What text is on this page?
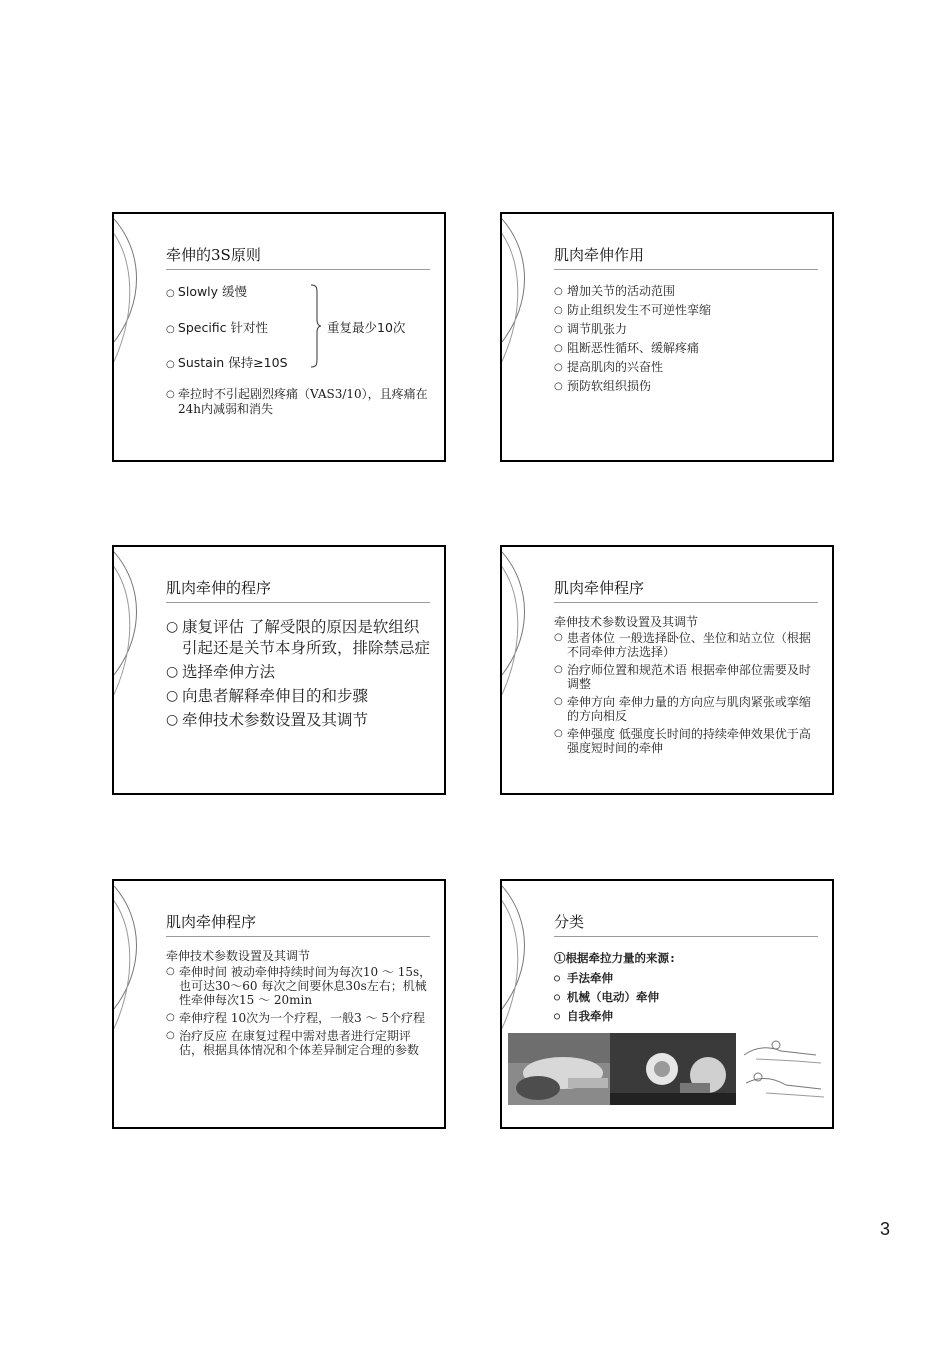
牵伸的3S原则
○ Slowly 缓慢
○ Specific 针对性
○ Sustain 保持≥10S
重复最少10次
○ 牵拉时不引起剧烈疼痛（VAS3/10），且疼痛在24h内减弱和消失
肌肉牵伸作用
○ 增加关节的活动范围
○ 防止组织发生不可逆性挛缩
○ 调节肌张力
○ 阻断恶性循环、缓解疼痛
○ 提高肌肉的兴奋性
○ 预防软组织损伤
肌肉牵伸的程序
○ 康复评估 了解受限的原因是软组织引起还是关节本身所致，排除禁忌症
○ 选择牵伸方法
○ 向患者解释牵伸目的和步骤
○ 牵伸技术参数设置及其调节
肌肉牵伸程序
牵伸技术参数设置及其调节
○ 患者体位 一般选择卧位、坐位和站立位（根据不同牵伸方法选择）
○ 治疗师位置和规范术语 根据牵伸部位需要及时调整
○ 牵伸方向 牵伸力量的方向应与肌肉紧张或挛缩的方向相反
○ 牵伸强度 低强度长时间的持续牵伸效果优于高强度短时间的牵伸
肌肉牵伸程序
牵伸技术参数设置及其调节
○ 牵伸时间 被动牵伸持续时间为每次10 ～ 15s，也可达30～60 每次之间要休息30s左右；机械性牵伸每次15 ～ 20min
○ 牵伸疗程 10次为一个疗程，一般3 ～ 5个疗程
○ 治疗反应 在康复过程中需对患者进行定期评估，根据具体情况和个体差异制定合理的参数
分类
①根据牵拉力量的来源:
○ 手法牵伸
○ 机械（电动）牵伸
○ 自我牵伸
3
